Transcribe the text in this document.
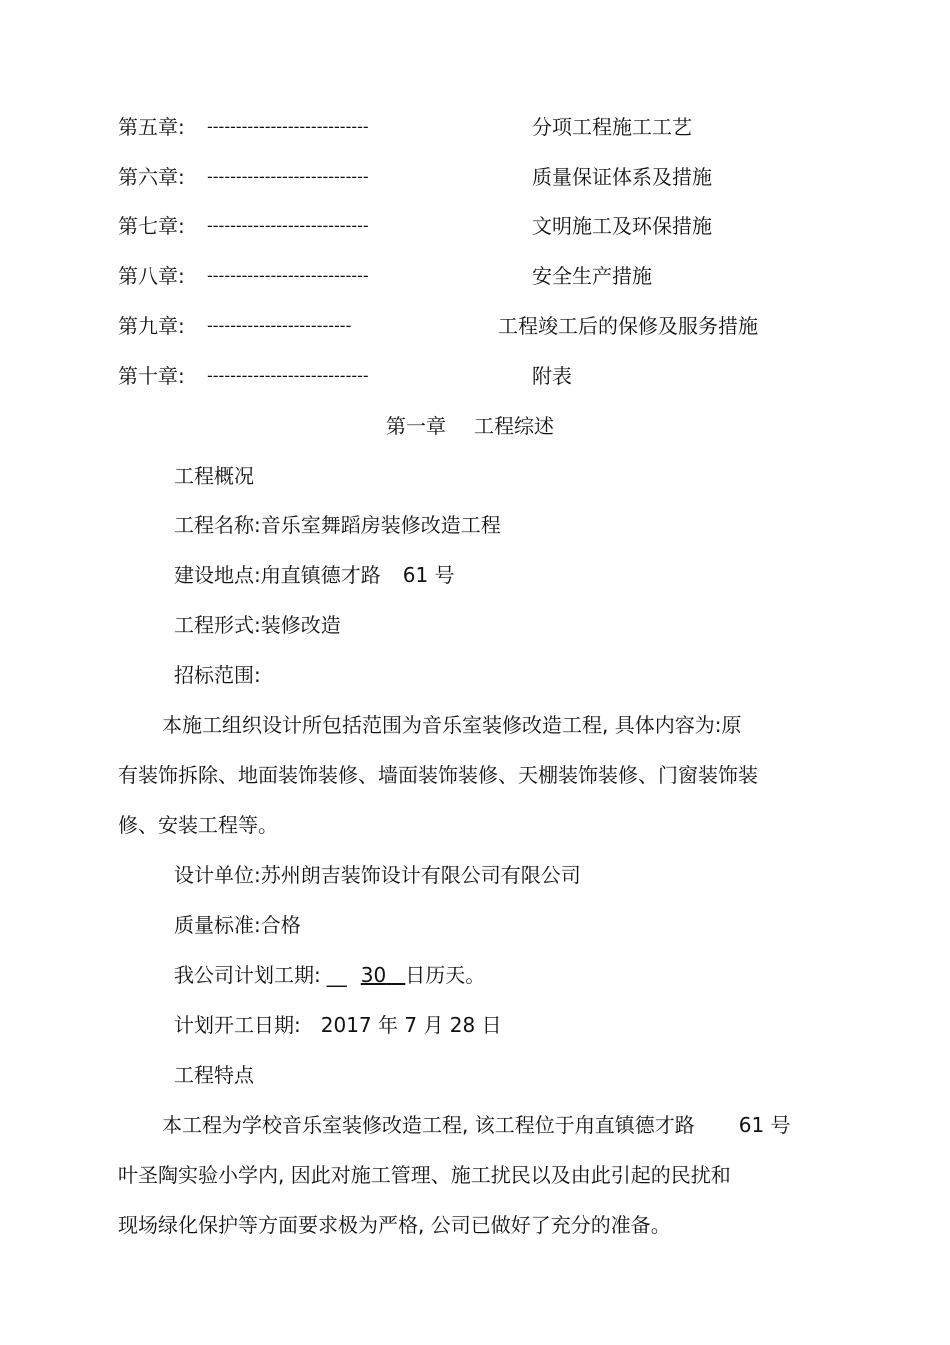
第五章: ----------------------------	分项工程施工工艺
第六章: ----------------------------	质量保证体系及措施
第七章: ----------------------------	文明施工及环保措施
第八章: ----------------------------	安全生产措施
第九章: -------------------------	工程竣工后的保修及服务措施
第十章: ----------------------------	附表
第一章 工程综述
工程概况
工程名称:音乐室舞蹈房装修改造工程
建设地点:甪直镇德才路 61 号
工程形式:装修改造
招标范围:
本施工组织设计所包括范围为音乐室装修改造工程, 具体内容为:原
有装饰拆除、地面装饰装修、墙面装饰装修、天棚装饰装修、门窗装饰装
修、安装工程等。
设计单位:苏州朗吉装饰设计有限公司有限公司
质量标准:合格
我公司计划工期: __ 30 日历天。
计划开工日期: 2017 年 7 月 28 日
工程特点
本工程为学校音乐室装修改造工程, 该工程位于甪直镇德才路 61 号
叶圣陶实验小学内, 因此对施工管理、施工扰民以及由此引起的民扰和
现场绿化保护等方面要求极为严格, 公司已做好了充分的准备。
